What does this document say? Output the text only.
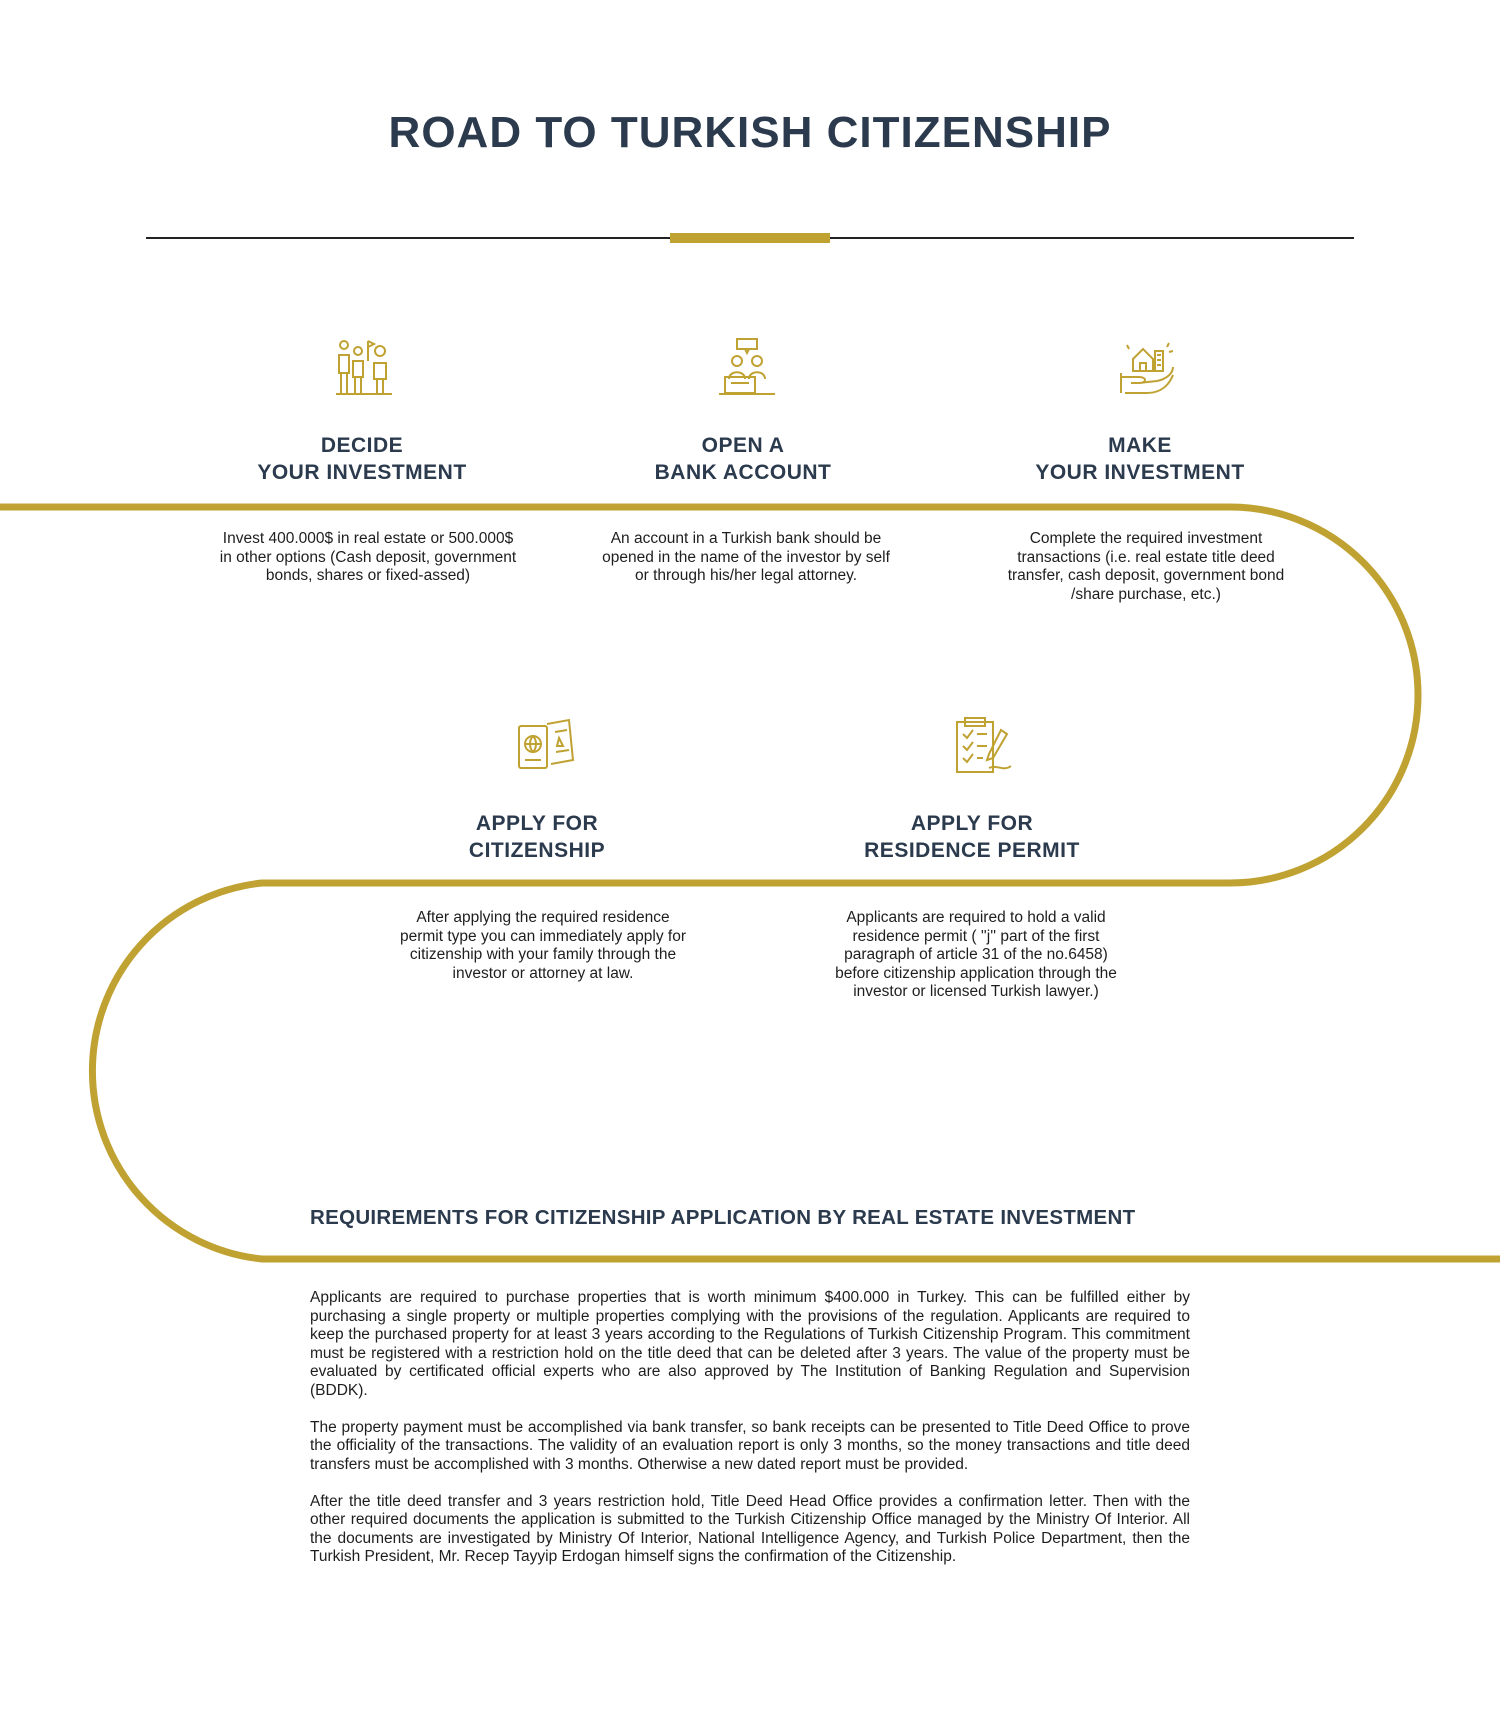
ROAD TO TURKISH CITIZENSHIP
DECIDE
YOUR INVESTMENT
Invest 400.000$ in real estate or 500.000$ in other options (Cash deposit, government bonds, shares or fixed-assed)
OPEN A
BANK ACCOUNT
An account in a Turkish bank should be opened in the name of the investor by self or through his/her legal attorney.
MAKE
YOUR INVESTMENT
Complete the required investment transactions (i.e. real estate title deed transfer, cash deposit, government bond /share purchase, etc.)
APPLY FOR
CITIZENSHIP
After applying the required residence permit type you can immediately apply for citizenship with your family through the investor or attorney at law.
APPLY FOR
RESIDENCE PERMIT
Applicants are required to hold a valid residence permit ( ''j'' part of the first paragraph of article 31 of the no.6458) before citizenship application through the investor or licensed Turkish lawyer.)
REQUIREMENTS FOR CITIZENSHIP APPLICATION BY REAL ESTATE INVESTMENT

Applicants are required to purchase properties that is worth minimum $400.000 in Turkey. This can be fulfilled either by purchasing a single property or multiple properties complying with the provisions of the regulation. Applicants are required to keep the purchased property for at least 3 years according to the Regulations of Turkish Citizenship Program. This commitment must be registered with a restriction hold on the title deed that can be deleted after 3 years. The value of the property must be evaluated by certificated official experts who are also approved by The Institution of Banking Regulation and Supervision (BDDK).

The property payment must be accomplished via bank transfer, so bank receipts can be presented to Title Deed Office to prove the officiality of the transactions. The validity of an evaluation report is only 3 months, so the money transactions and title deed transfers must be accomplished with 3 months. Otherwise a new dated report must be provided.

After the title deed transfer and 3 years restriction hold, Title Deed Head Office provides a confirmation letter. Then with the other required documents the application is submitted to the Turkish Citizenship Office managed by the Ministry Of Interior. All the documents are investigated by Ministry Of Interior, National Intelligence Agency, and Turkish Police Department, then the Turkish President, Mr. Recep Tayyip Erdogan himself signs the confirmation of the Citizenship.
